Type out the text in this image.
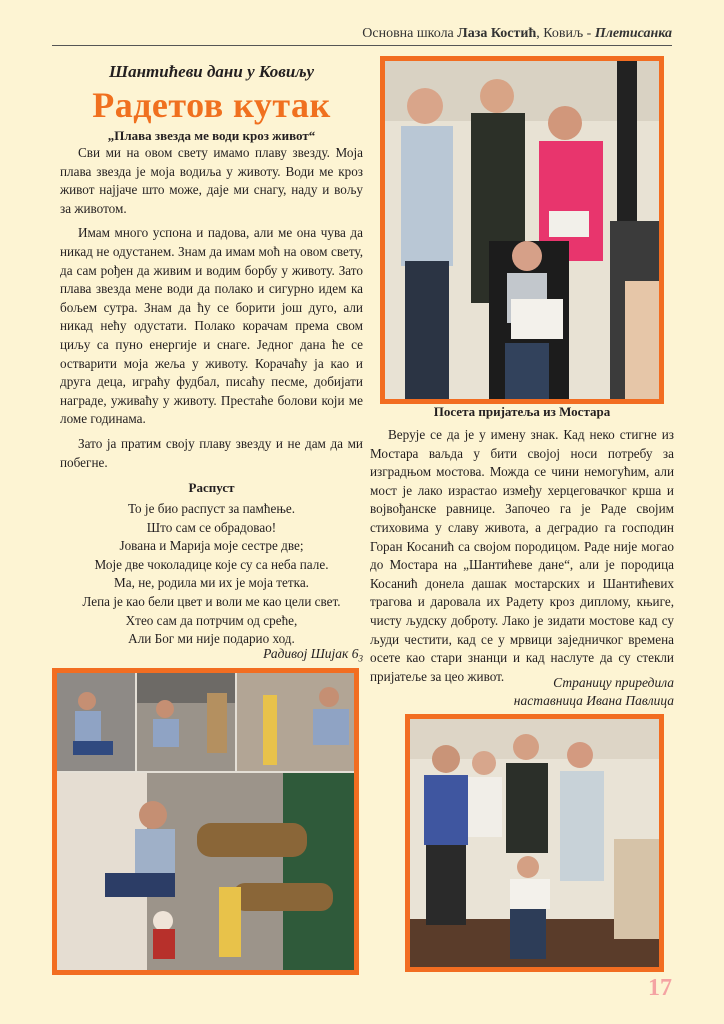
Основна школа Лаза Костић, Ковиљ - Плетисанка
Шантићеви дани у Ковиљу
Радетов кутак
„Плава звезда ме води кроз живот“

Сви ми на овом свету имамо плаву звезду. Моја плава звезда је моја водиља у животу. Води ме кроз живот најјаче што може, даје ми снагу, наду и вољу за животом.

Имам много успона и падова, али ме она чува да никад не одустанем. Знам да имам моћ на овом свету, да сам рођен да живим и водим борбу у животу. Зато плава звезда мене води да полако и сигурно идем ка бољем сутра. Знам да ћу се борити још дуго, али никад нећу одустати. Полако корачам према свом циљу са пуно енергије и снаге. Једног дана ће се остварити моја жеља у животу. Корачаћу ја као и друга деца, играћу фудбал, писаћу песме, добијати награде, уживаћу у животу. Престаће болови који ме ломе годинама.

Зато ја пратим своју плаву звезду и не дам да ми побегне.

Распуст
То је био распуст за памћење.
Што сам се обрадовао!
Јована и Марија моје сестре две;
Моје две чоколадице које су са неба пале.
Ма, не, родила ми их је моја тетка.
Лепа је као бели цвет и воли ме као цели свет.
Хтео сам да потрчим од среће,
Али Бог ми није подарио ход.
Радивој Шијак $6_3$
Посета пријатеља из Мостара

Верује се да је у имену знак. Кад неко стигне из Мостара ваљда у бити својој носи потребу за изградњом мостова. Можда се чини немогућим, али мост је лако израстао између херцеговачког крша и војвођанске равнице. Започео га је Раде својим стиховима у славу живота, а деградио га господин Горан Косанић са својом породицом. Раде није могао до Мостара на „Шантићеве дане“, али је породица Косанић донела дашак мостарских и Шантићевих трагова и даровала их Радету кроз диплому, књиге, чисту људску доброту. Лако је зидати мостове кад су људи честити, кад се у мрвици заједничког времена осете као стари знанци и кад наслуте да су стекли пријатеље за цео живот.	Страницу приредила
наставница Ивана Павлица
17
